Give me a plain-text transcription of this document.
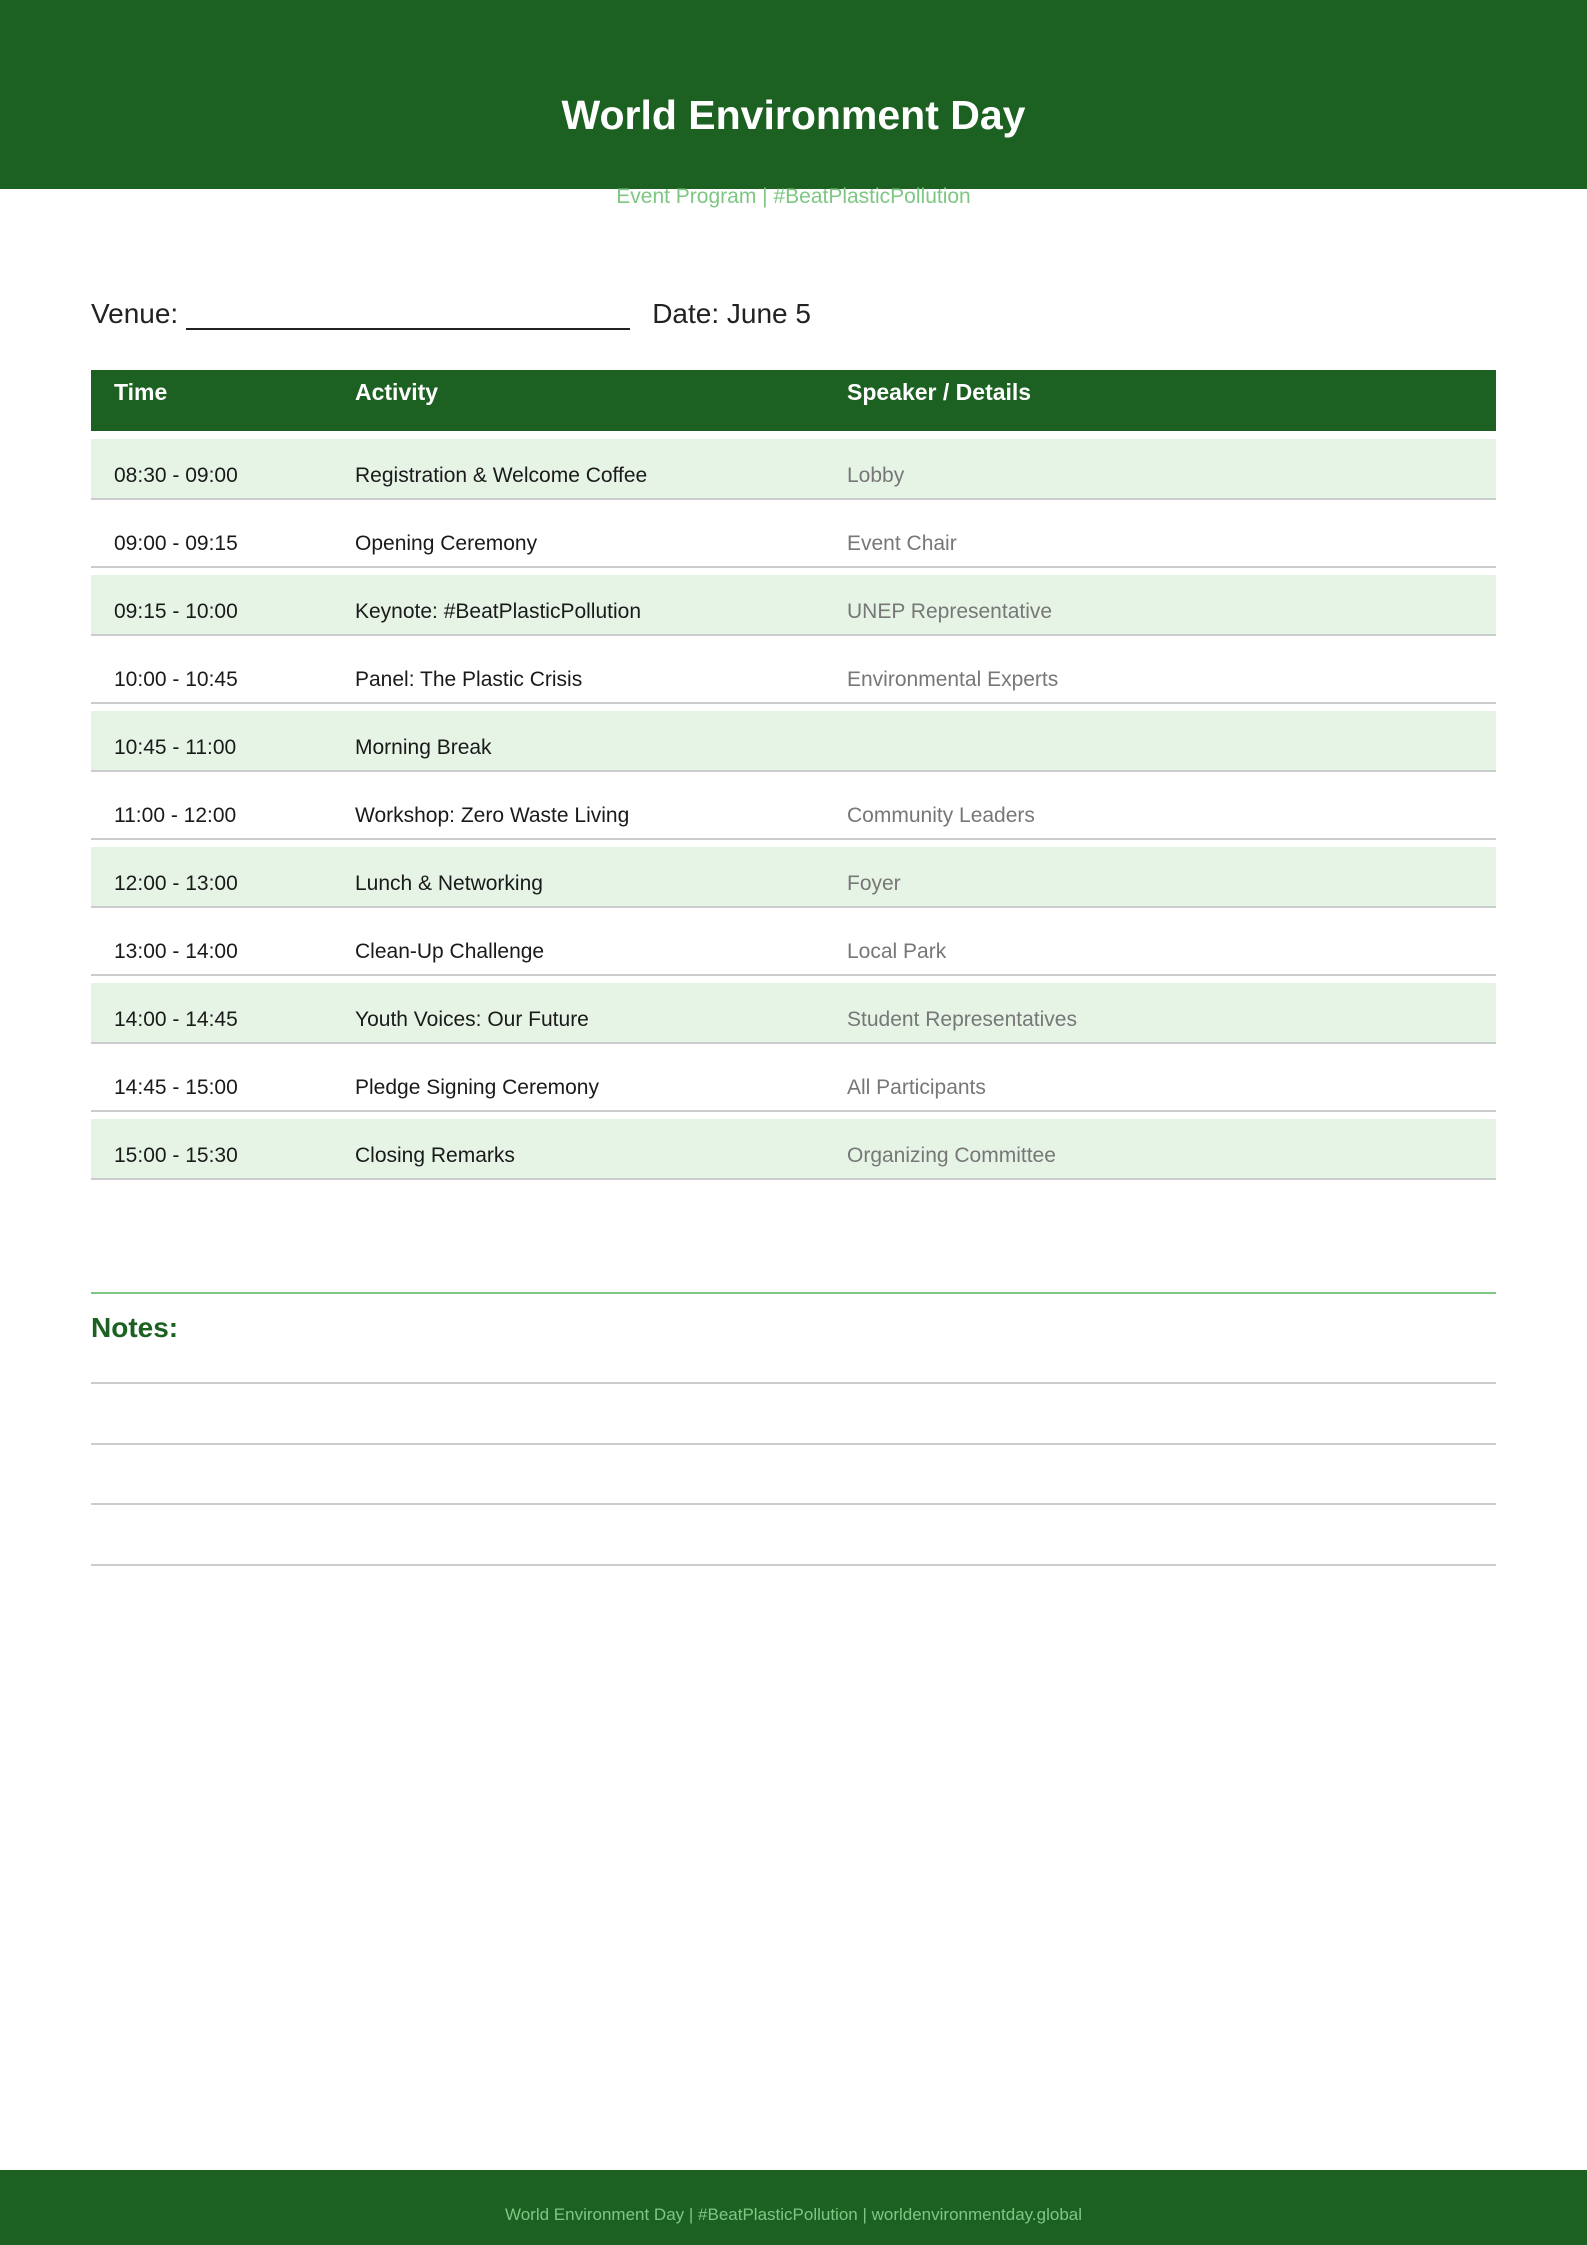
World Environment Day
Event Program | #BeatPlasticPollution
Venue:	Date: June 5
Time	Activity	Speaker / Details

08:30 - 09:00	Registration & Welcome Coffee	Lobby

09:00 - 09:15	Opening Ceremony	Event Chair

09:15 - 10:00	Keynote: #BeatPlasticPollution	UNEP Representative

10:00 - 10:45	Panel: The Plastic Crisis	Environmental Experts

10:45 - 11:00	Morning Break	

11:00 - 12:00	Workshop: Zero Waste Living	Community Leaders

12:00 - 13:00	Lunch & Networking	Foyer

13:00 - 14:00	Clean-Up Challenge	Local Park

14:00 - 14:45	Youth Voices: Our Future	Student Representatives

14:45 - 15:00	Pledge Signing Ceremony	All Participants

15:00 - 15:30	Closing Remarks	Organizing Committee
Notes:
World Environment Day | #BeatPlasticPollution | worldenvironmentday.global
